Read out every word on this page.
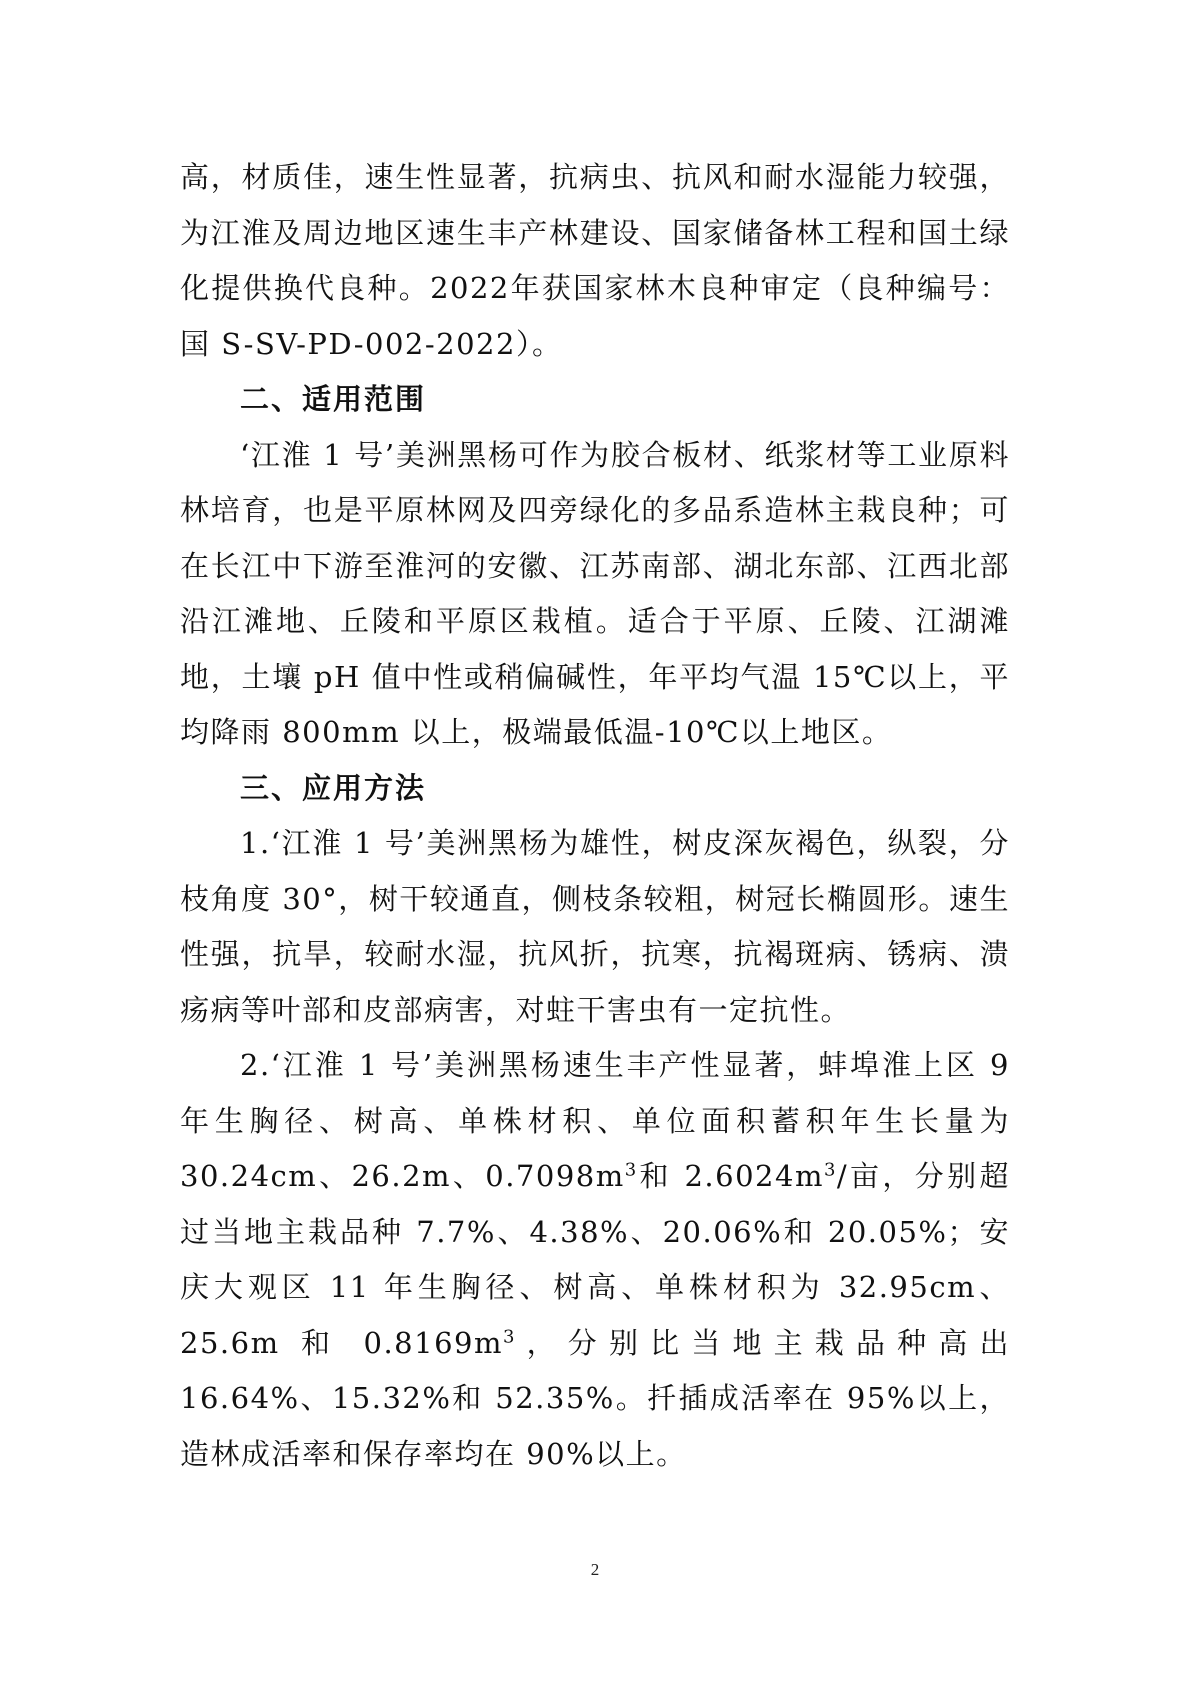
高，材质佳，速生性显著，抗病虫、抗风和耐水湿能力较强，为江淮及周边地区速生丰产林建设、国家储备林工程和国土绿化提供换代良种。2022年获国家林木良种审定（良种编号：国 S-SV-PD-002-2022）。

二、适用范围

‘江淮 1 号’美洲黑杨可作为胶合板材、纸浆材等工业原料林培育，也是平原林网及四旁绿化的多品系造林主栽良种；可在长江中下游至淮河的安徽、江苏南部、湖北东部、江西北部沿江滩地、丘陵和平原区栽植。适合于平原、丘陵、江湖滩地，土壤 pH 值中性或稍偏碱性，年平均气温 15℃以上，平均降雨 800mm 以上，极端最低温-10℃以上地区。

三、应用方法

1.‘江淮 1 号’美洲黑杨为雄性，树皮深灰褐色，纵裂，分枝角度 30°，树干较通直，侧枝条较粗，树冠长椭圆形。速生性强，抗旱，较耐水湿，抗风折，抗寒，抗褐斑病、锈病、溃疡病等叶部和皮部病害，对蛀干害虫有一定抗性。

2.‘江淮 1 号’美洲黑杨速生丰产性显著，蚌埠淮上区 9 年生胸径、树高、单株材积、单位面积蓄积年生长量为 30.24cm、26.2m、$0.7098m^3$和 $2.6024m^3/$亩，分别超过当地主栽品种 7.7%、4.38%、20.06%和 20.05%；安庆大观区 11 年生胸径、树高、单株材积为 32.95cm、25.6m 和 $0.8169m^3$，分别比当地主栽品种高出 16.64%、15.32%和 52.35%。扦插成活率在 95%以上，造林成活率和保存率均在 90%以上。

2
